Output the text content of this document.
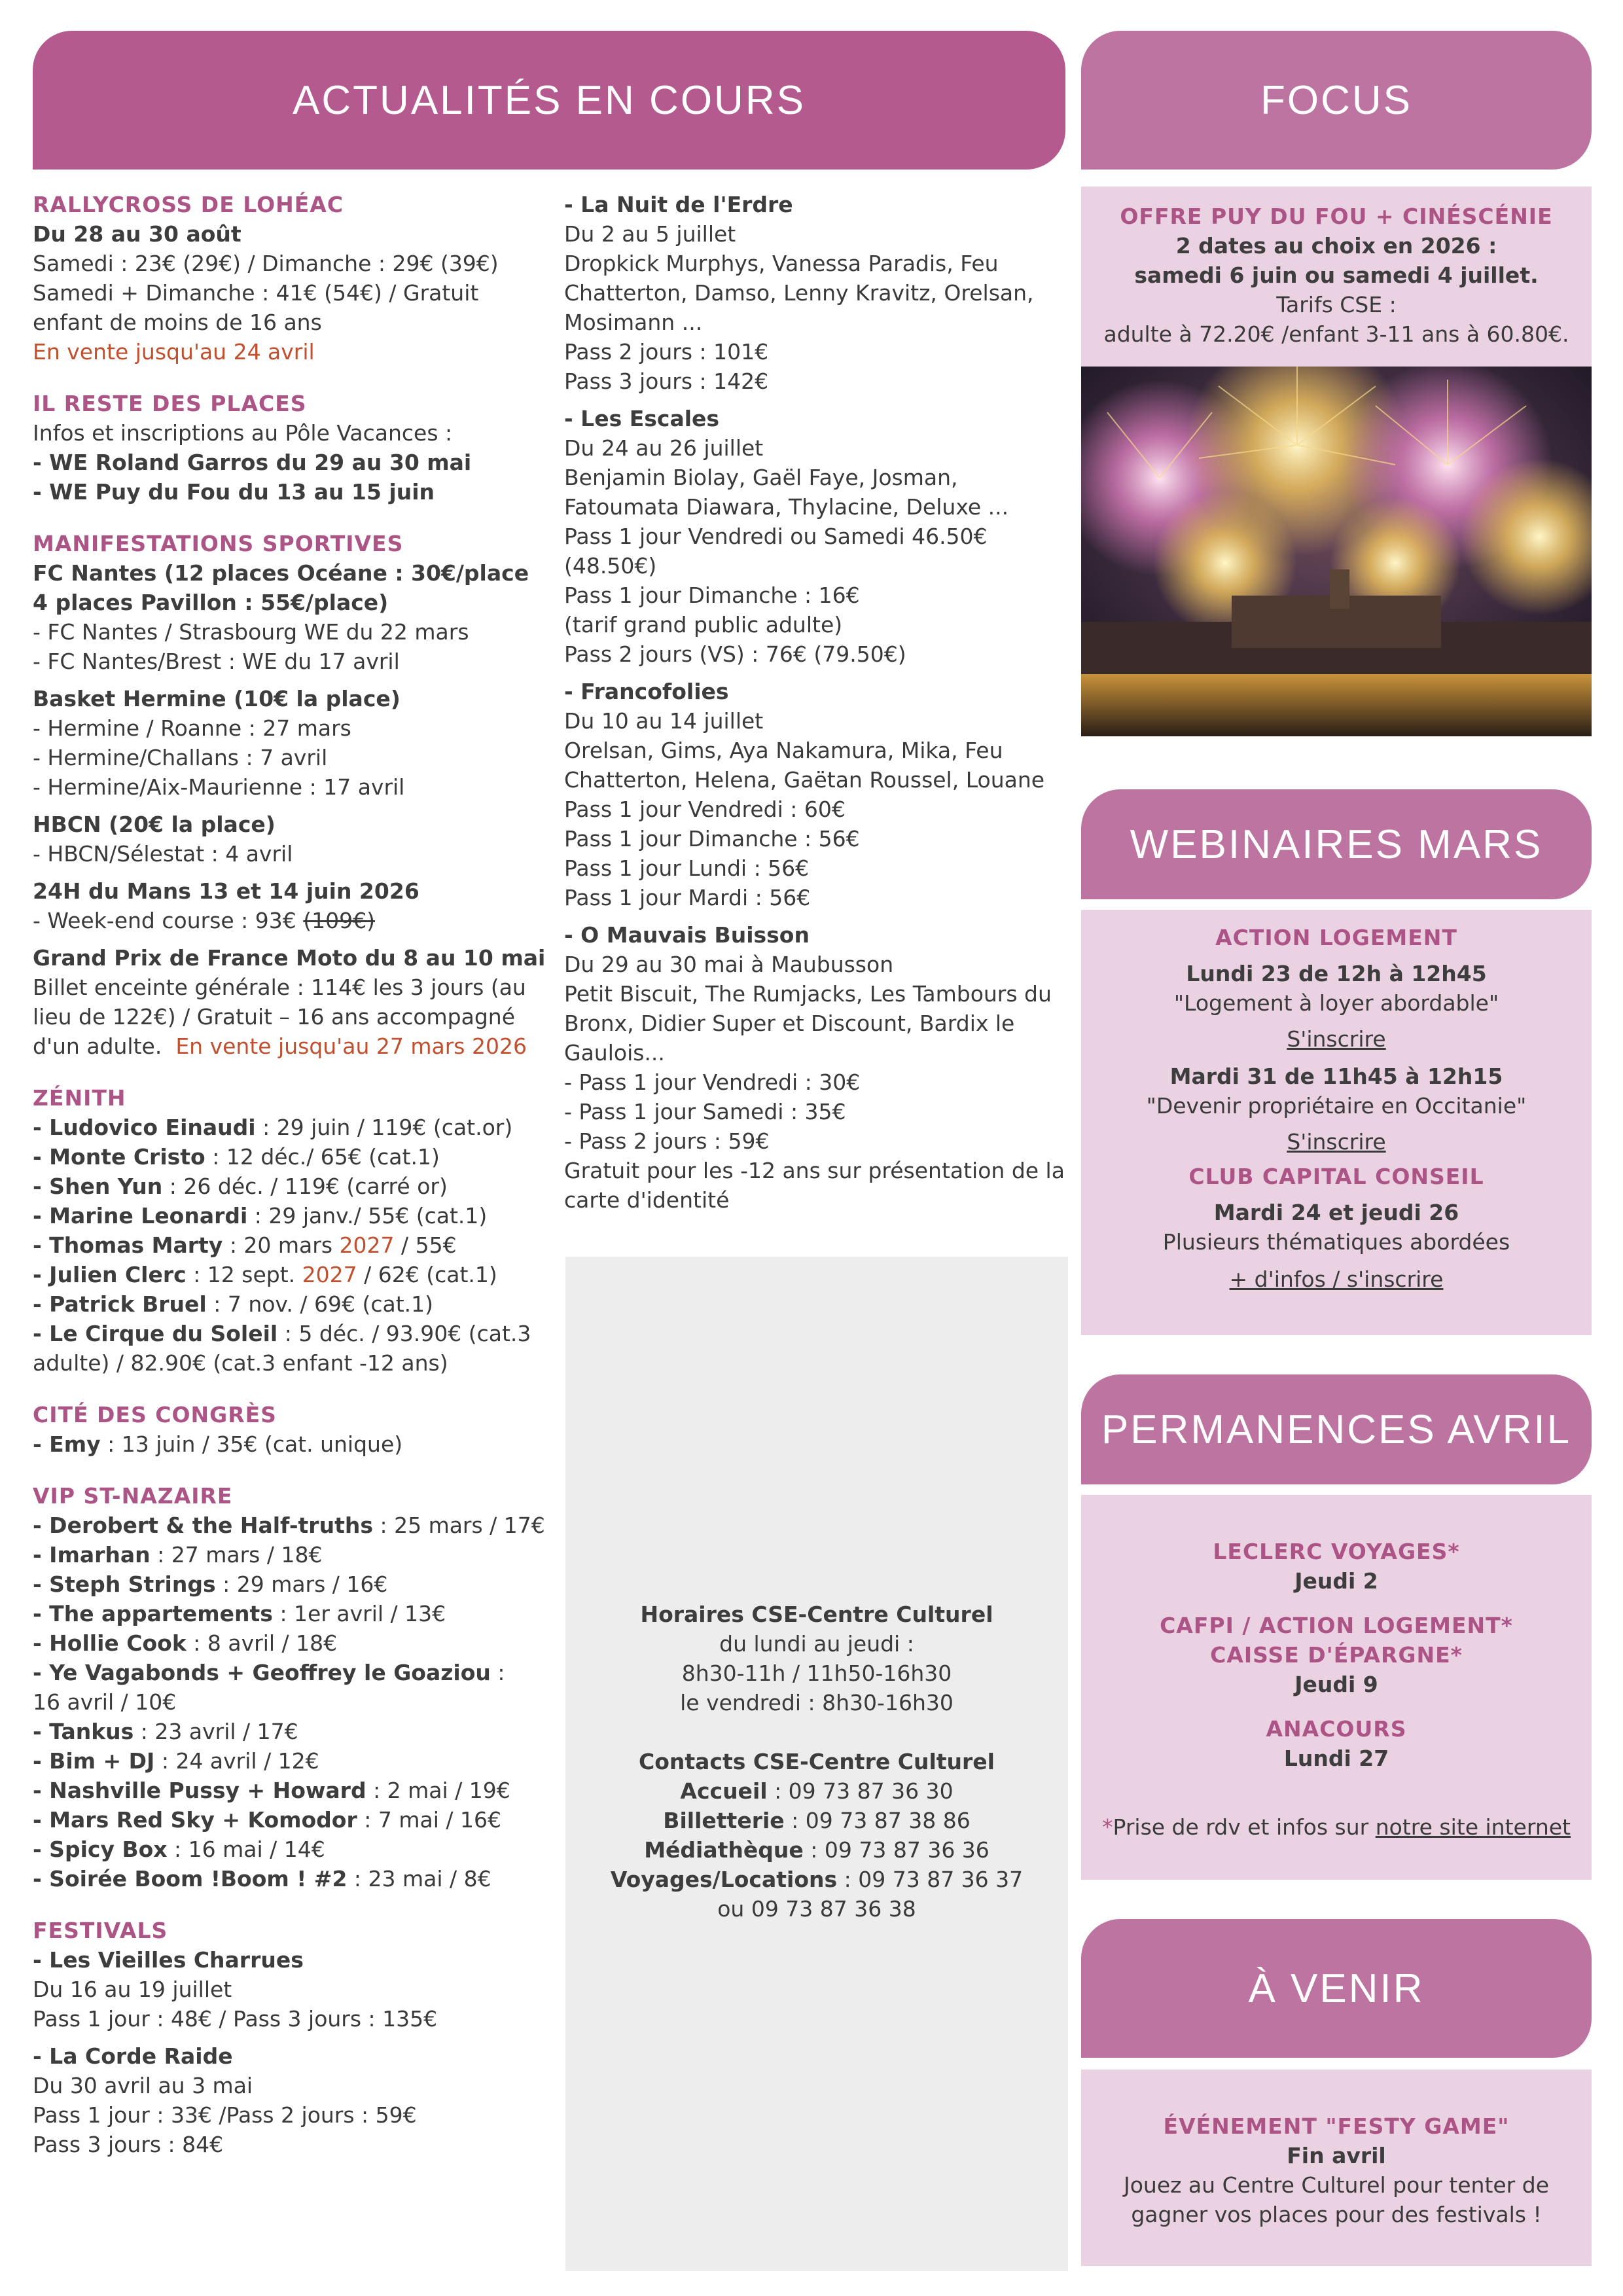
ACTUALITÉS EN COURS	FOCUS
WEBINAIRES MARS
PERMANENCES AVRIL
À VENIR

RALLYCROSS DE LOHÉAC

Du 28 au 30 août

Samedi : 23€ (29€) / Dimanche : 29€ (39€)

Samedi + Dimanche : 41€ (54€) / Gratuit

enfant de moins de 16 ans

En vente jusqu'au 24 avril

IL RESTE DES PLACES

Infos et inscriptions au Pôle Vacances :

- WE Roland Garros du 29 au 30 mai

- WE Puy du Fou du 13 au 15 juin

MANIFESTATIONS SPORTIVES

FC Nantes (12 places Océane : 30€/place

4 places Pavillon : 55€/place)

- FC Nantes / Strasbourg WE du 22 mars

- FC Nantes/Brest : WE du 17 avril

Basket Hermine (10€ la place)

- Hermine / Roanne : 27 mars

- Hermine/Challans : 7 avril

- Hermine/Aix-Maurienne : 17 avril

HBCN (20€ la place)

- HBCN/Sélestat : 4 avril

24H du Mans 13 et 14 juin 2026

- Week-end course : 93€ (109€)

Grand Prix de France Moto du 8 au 10 mai

Billet enceinte générale : 114€ les 3 jours (au

lieu de 122€) / Gratuit – 16 ans accompagné

d'un adulte. En vente jusqu'au 27 mars 2026

ZÉNITH

- Ludovico Einaudi : 29 juin / 119€ (cat.or)

- Monte Cristo : 12 déc./ 65€ (cat.1)

- Shen Yun : 26 déc. / 119€ (carré or)

- Marine Leonardi : 29 janv./ 55€ (cat.1)

- Thomas Marty : 20 mars 2027 / 55€

- Julien Clerc : 12 sept. 2027 / 62€ (cat.1)

- Patrick Bruel : 7 nov. / 69€ (cat.1)

- Le Cirque du Soleil : 5 déc. / 93.90€ (cat.3

adulte) / 82.90€ (cat.3 enfant -12 ans)

CITÉ DES CONGRÈS

- Emy : 13 juin / 35€ (cat. unique)

VIP ST-NAZAIRE

- Derobert & the Half-truths : 25 mars / 17€

- Imarhan : 27 mars / 18€

- Steph Strings : 29 mars / 16€

- The appartements : 1er avril / 13€

- Hollie Cook : 8 avril / 18€

- Ye Vagabonds + Geoffrey le Goaziou :

16 avril / 10€

- Tankus : 23 avril / 17€

- Bim + DJ : 24 avril / 12€

- Nashville Pussy + Howard : 2 mai / 19€

- Mars Red Sky + Komodor : 7 mai / 16€

- Spicy Box : 16 mai / 14€

- Soirée Boom !Boom ! #2 : 23 mai / 8€

FESTIVALS

- Les Vieilles Charrues

Du 16 au 19 juillet

Pass 1 jour : 48€ / Pass 3 jours : 135€

- La Corde Raide

Du 30 avril au 3 mai

Pass 1 jour : 33€ /Pass 2 jours : 59€

Pass 3 jours : 84€

- La Nuit de l'Erdre

Du 2 au 5 juillet

Dropkick Murphys, Vanessa Paradis, Feu

Chatterton, Damso, Lenny Kravitz, Orelsan,

Mosimann ...

Pass 2 jours : 101€

Pass 3 jours : 142€

- Les Escales

Du 24 au 26 juillet

Benjamin Biolay, Gaël Faye, Josman,

Fatoumata Diawara, Thylacine, Deluxe ...

Pass 1 jour Vendredi ou Samedi 46.50€

(48.50€)

Pass 1 jour Dimanche : 16€

(tarif grand public adulte)

Pass 2 jours (VS) : 76€ (79.50€)

- Francofolies

Du 10 au 14 juillet

Orelsan, Gims, Aya Nakamura, Mika, Feu

Chatterton, Helena, Gaëtan Roussel, Louane

Pass 1 jour Vendredi : 60€

Pass 1 jour Dimanche : 56€

Pass 1 jour Lundi : 56€

Pass 1 jour Mardi : 56€

- O Mauvais Buisson

Du 29 au 30 mai à Maubusson

Petit Biscuit, The Rumjacks, Les Tambours du

Bronx, Didier Super et Discount, Bardix le

Gaulois...

- Pass 1 jour Vendredi : 30€

- Pass 1 jour Samedi : 35€

- Pass 2 jours : 59€

Gratuit pour les -12 ans sur présentation de la

carte d'identité

Horaires CSE-Centre Culturel

du lundi au jeudi :

8h30-11h / 11h50-16h30

le vendredi : 8h30-16h30

Contacts CSE-Centre Culturel

Accueil : 09 73 87 36 30

Billetterie : 09 73 87 38 86

Médiathèque : 09 73 87 36 36

Voyages/Locations : 09 73 87 36 37

ou 09 73 87 36 38

OFFRE PUY DU FOU + CINÉSCÉNIE

2 dates au choix en 2026 :

samedi 6 juin ou samedi 4 juillet.

Tarifs CSE :

adulte à 72.20€ /enfant 3-11 ans à 60.80€.

ACTION LOGEMENT

Lundi 23 de 12h à 12h45

"Logement à loyer abordable"

S'inscrire

Mardi 31 de 11h45 à 12h15

"Devenir propriétaire en Occitanie"

S'inscrire

CLUB CAPITAL CONSEIL

Mardi 24 et jeudi 26

Plusieurs thématiques abordées

+ d'infos / s'inscrire

LECLERC VOYAGES*

Jeudi 2

CAFPI / ACTION LOGEMENT*

CAISSE D'ÉPARGNE*

Jeudi 9

ANACOURS

Lundi 27

*Prise de rdv et infos sur notre site internet

ÉVÉNEMENT "FESTY GAME"

Fin avril

Jouez au Centre Culturel pour tenter de

gagner vos places pour des festivals !
